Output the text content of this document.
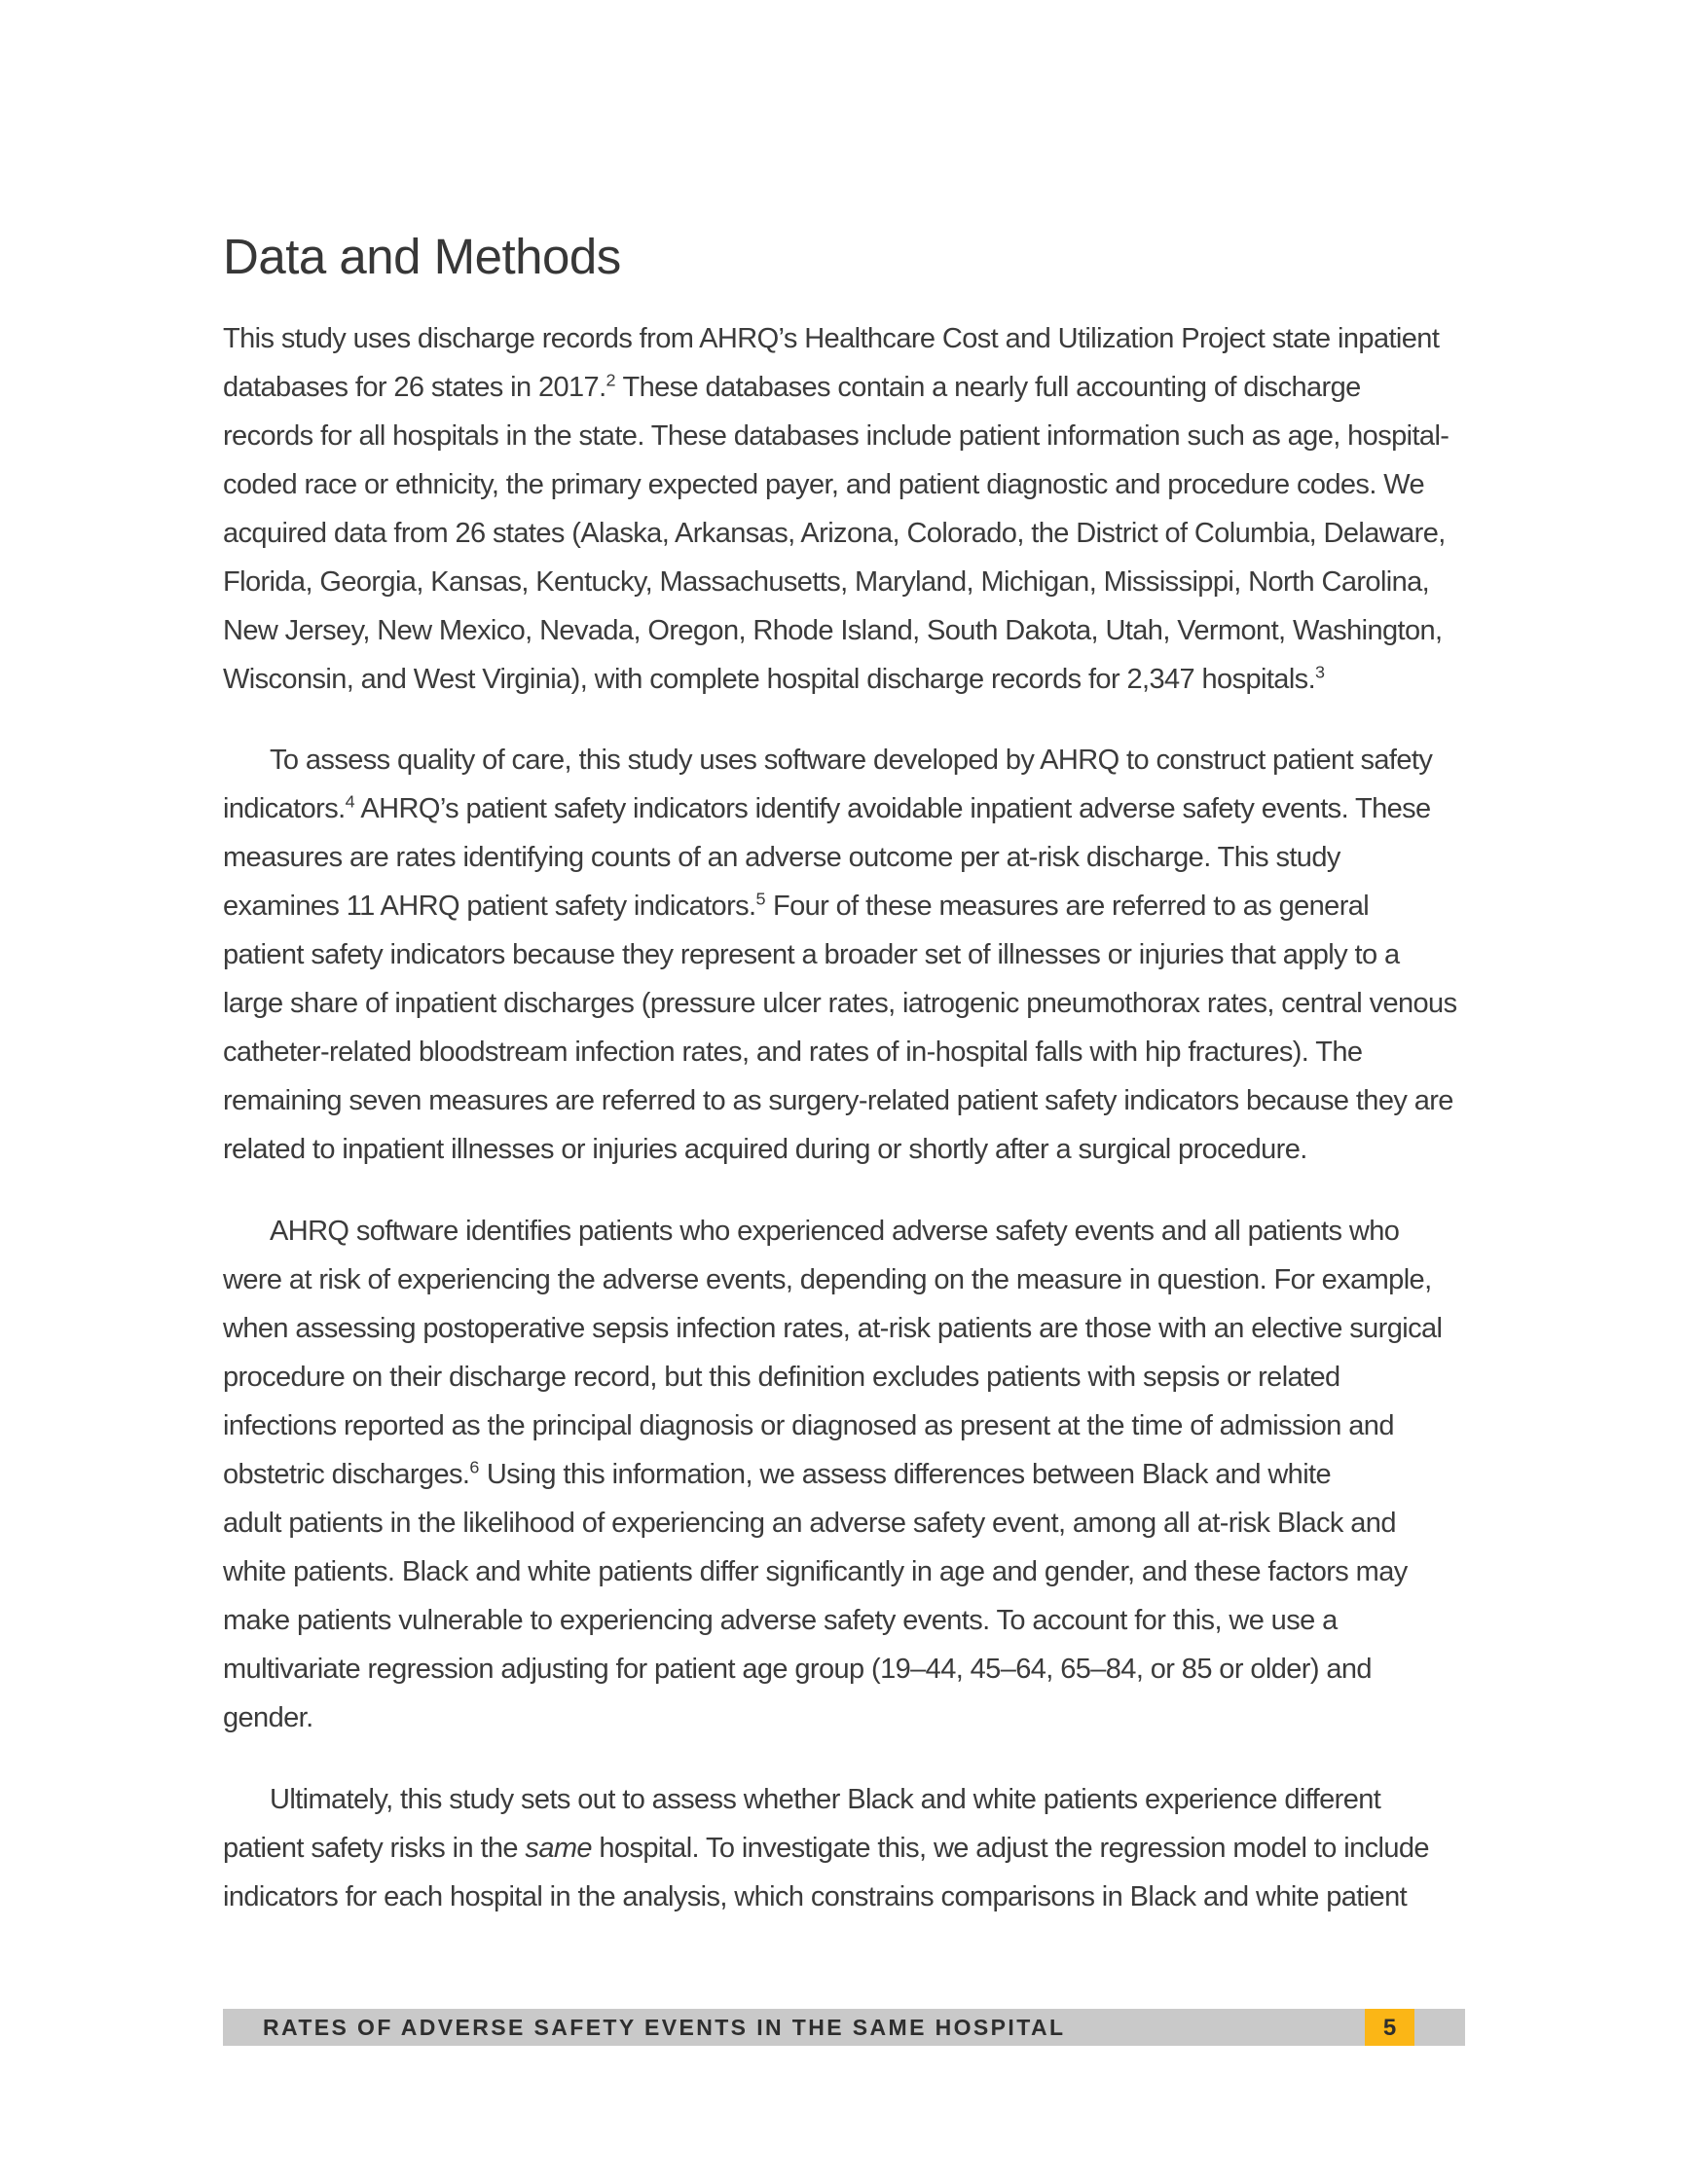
Data and Methods
This study uses discharge records from AHRQ’s Healthcare Cost and Utilization Project state inpatient
databases for 26 states in 2017.$^2$ These databases contain a nearly full accounting of discharge
records for all hospitals in the state. These databases include patient information such as age, hospital-
coded race or ethnicity, the primary expected payer, and patient diagnostic and procedure codes. We
acquired data from 26 states (Alaska, Arkansas, Arizona, Colorado, the District of Columbia, Delaware,
Florida, Georgia, Kansas, Kentucky, Massachusetts, Maryland, Michigan, Mississippi, North Carolina,
New Jersey, New Mexico, Nevada, Oregon, Rhode Island, South Dakota, Utah, Vermont, Washington,
Wisconsin, and West Virginia), with complete hospital discharge records for 2,347 hospitals.$^3$
To assess quality of care, this study uses software developed by AHRQ to construct patient safety
indicators.$^4$ AHRQ’s patient safety indicators identify avoidable inpatient adverse safety events. These
measures are rates identifying counts of an adverse outcome per at-risk discharge. This study
examines 11 AHRQ patient safety indicators.$^5$ Four of these measures are referred to as general
patient safety indicators because they represent a broader set of illnesses or injuries that apply to a
large share of inpatient discharges (pressure ulcer rates, iatrogenic pneumothorax rates, central venous
catheter-related bloodstream infection rates, and rates of in-hospital falls with hip fractures). The
remaining seven measures are referred to as surgery-related patient safety indicators because they are
related to inpatient illnesses or injuries acquired during or shortly after a surgical procedure.
AHRQ software identifies patients who experienced adverse safety events and all patients who
were at risk of experiencing the adverse events, depending on the measure in question. For example,
when assessing postoperative sepsis infection rates, at-risk patients are those with an elective surgical
procedure on their discharge record, but this definition excludes patients with sepsis or related
infections reported as the principal diagnosis or diagnosed as present at the time of admission and
obstetric discharges.$^6$ Using this information, we assess differences between Black and white
adult patients in the likelihood of experiencing an adverse safety event, among all at-risk Black and
white patients. Black and white patients differ significantly in age and gender, and these factors may
make patients vulnerable to experiencing adverse safety events. To account for this, we use a
multivariate regression adjusting for patient age group (19–44, 45–64, 65–84, or 85 or older) and
gender.
Ultimately, this study sets out to assess whether Black and white patients experience different
patient safety risks in the same hospital. To investigate this, we adjust the regression model to include
indicators for each hospital in the analysis, which constrains comparisons in Black and white patient
RATES OF ADVERSE SAFETY EVENTS IN THE SAME HOSPITAL	5
